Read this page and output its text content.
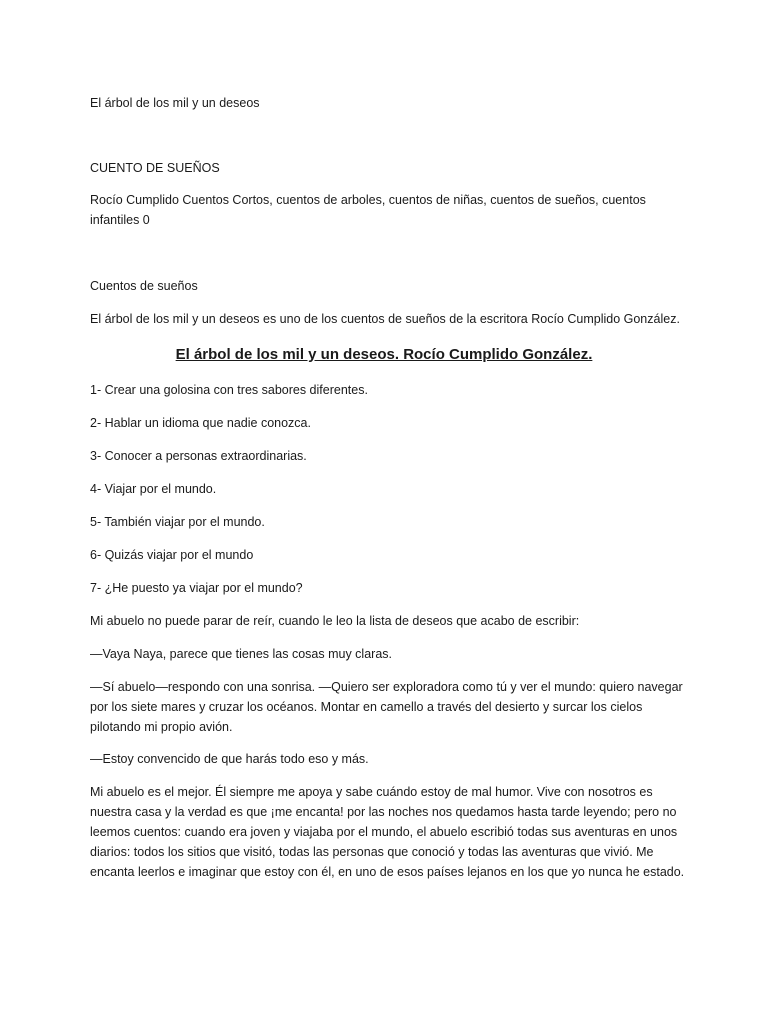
El árbol de los mil y un deseos
CUENTO DE SUEÑOS
Rocío Cumplido Cuentos Cortos, cuentos de arboles, cuentos de niñas, cuentos de sueños, cuentos infantiles 0
Cuentos de sueños
El árbol de los mil y un deseos es uno de los cuentos de sueños de la escritora Rocío Cumplido González.
El árbol de los mil y un deseos. Rocío Cumplido González.
1- Crear una golosina con tres sabores diferentes.
2- Hablar un idioma que nadie conozca.
3- Conocer a personas extraordinarias.
4- Viajar por el mundo.
5- También viajar por el mundo.
6- Quizás viajar por el mundo
7- ¿He puesto ya viajar por el mundo?
Mi abuelo no puede parar de reír, cuando le leo la lista de deseos que acabo de escribir:
—Vaya Naya, parece que tienes las cosas muy claras.
—Sí abuelo—respondo con una sonrisa. —Quiero ser exploradora como tú y ver el mundo: quiero navegar por los siete mares y cruzar los océanos. Montar en camello a través del desierto y surcar los cielos pilotando mi propio avión.
—Estoy convencido de que harás todo eso y más.
Mi abuelo es el mejor. Él siempre me apoya y sabe cuándo estoy de mal humor. Vive con nosotros es nuestra casa y la verdad es que ¡me encanta! por las noches nos quedamos hasta tarde leyendo; pero no leemos cuentos: cuando era joven y viajaba por el mundo, el abuelo escribió todas sus aventuras en unos diarios: todos los sitios que visitó, todas las personas que conoció y todas las aventuras que vivió. Me encanta leerlos e imaginar que estoy con él, en uno de esos países lejanos en los que yo nunca he estado.
